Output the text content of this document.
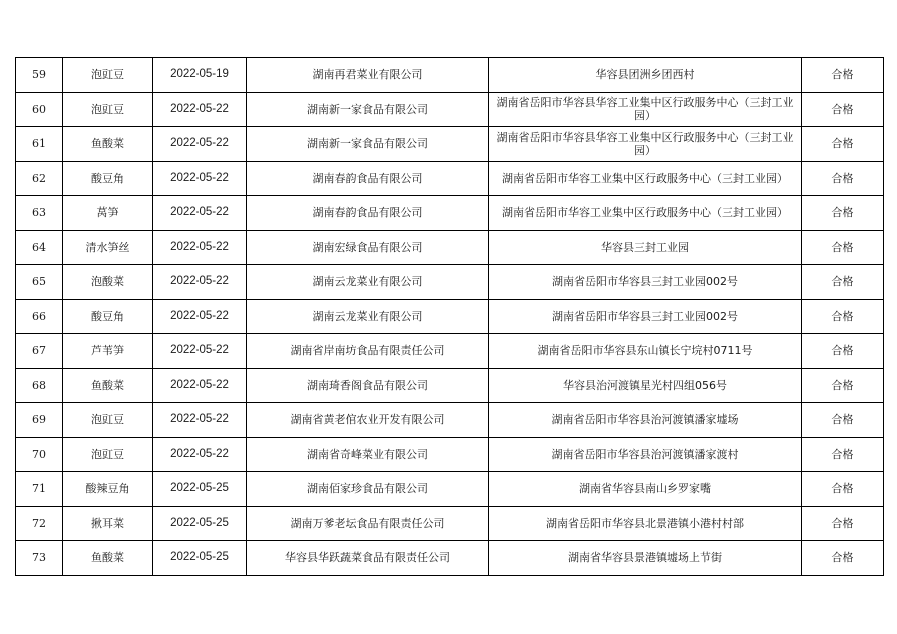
59	泡豇豆	2022-05-19	湖南再君菜业有限公司	华容县团洲乡团西村	合格
60	泡豇豆	2022-05-22	湖南新一家食品有限公司	湖南省岳阳市华容县华容工业集中区行政服务中心（三封工业园）	合格
61	鱼酸菜	2022-05-22	湖南新一家食品有限公司	湖南省岳阳市华容县华容工业集中区行政服务中心（三封工业园）	合格
62	酸豆角	2022-05-22	湖南春韵食品有限公司	湖南省岳阳市华容工业集中区行政服务中心（三封工业园）	合格
63	莴笋	2022-05-22	湖南春韵食品有限公司	湖南省岳阳市华容工业集中区行政服务中心（三封工业园）	合格
64	清水笋丝	2022-05-22	湖南宏绿食品有限公司	华容县三封工业园	合格
65	泡酸菜	2022-05-22	湖南云龙菜业有限公司	湖南省岳阳市华容县三封工业园002号	合格
66	酸豆角	2022-05-22	湖南云龙菜业有限公司	湖南省岳阳市华容县三封工业园002号	合格
67	芦苇笋	2022-05-22	湖南省岸南坊食品有限责任公司	湖南省岳阳市华容县东山镇长宁垸村0711号	合格
68	鱼酸菜	2022-05-22	湖南琦香阁食品有限公司	华容县治河渡镇星光村四组056号	合格
69	泡豇豆	2022-05-22	湖南省黄老倌农业开发有限公司	湖南省岳阳市华容县治河渡镇潘家墟场	合格
70	泡豇豆	2022-05-22	湖南省奇峰菜业有限公司	湖南省岳阳市华容县治河渡镇潘家渡村	合格
71	酸辣豆角	2022-05-25	湖南佰家珍食品有限公司	湖南省华容县南山乡罗家嘴	合格
72	揪耳菜	2022-05-25	湖南万爹老坛食品有限责任公司	湖南省岳阳市华容县北景港镇小港村村部	合格
73	鱼酸菜	2022-05-25	华容县华跃蔬菜食品有限责任公司	湖南省华容县景港镇墟场上节街	合格
